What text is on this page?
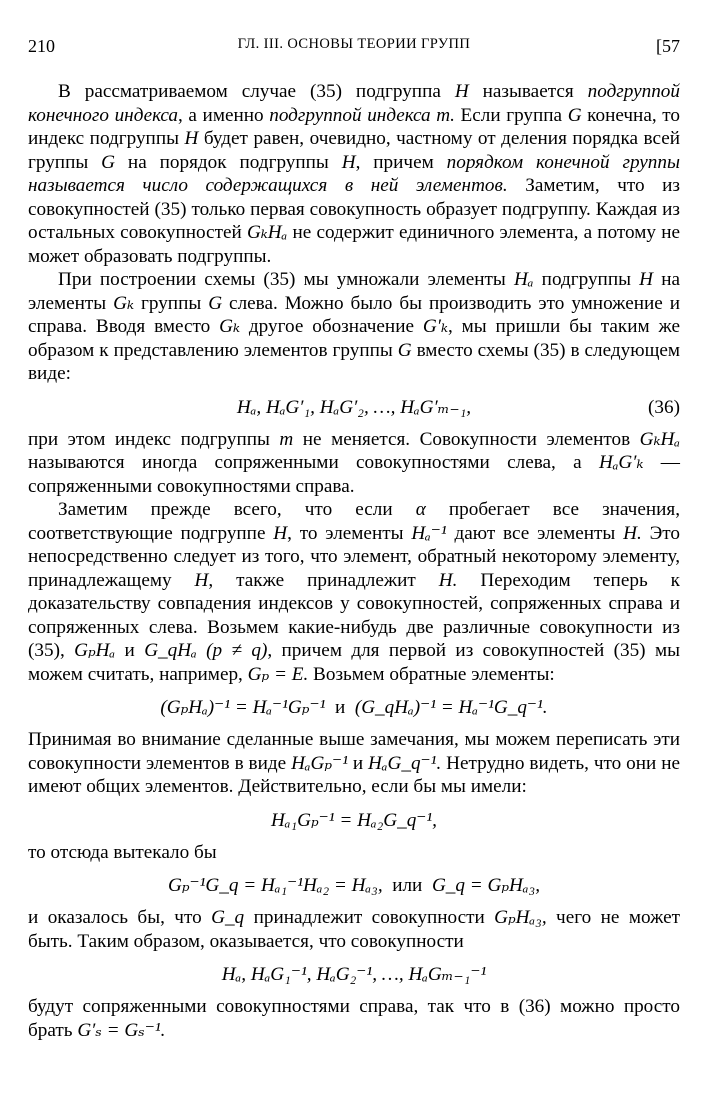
210	ГЛ. III. ОСНОВЫ ТЕОРИИ ГРУПП	[57

В рассматриваемом случае (35) подгруппа H называется подгруппой конечного индекса, а именно подгруппой индекса m. Если группа G конечна, то индекс подгруппы H будет равен, очевидно, частному от деления порядка всей группы G на порядок подгруппы H, причем порядком конечной группы называется число содержащихся в ней элементов. Заметим, что из совокупностей (35) только первая совокупность образует подгруппу. Каждая из остальных совокупностей GₖHₐ не содержит единичного элемента, а потому не может образовать подгруппы.

При построении схемы (35) мы умножали элементы Hₐ подгруппы H на элементы Gₖ группы G слева. Можно было бы производить это умножение и справа. Вводя вместо Gₖ другое обозначение G′ₖ, мы пришли бы таким же образом к представлению элементов группы G вместо схемы (35) в следующем виде:

Hₐ, HₐG′₁, HₐG′₂, …, HₐG′ₘ₋₁,	(36)

при этом индекс подгруппы m не меняется. Совокупности элементов GₖHₐ называются иногда сопряженными совокупностями слева, а HₐG′ₖ — сопряженными совокупностями справа.

Заметим прежде всего, что если α пробегает все значения, соответствующие подгруппе H, то элементы Hₐ⁻¹ дают все элементы H. Это непосредственно следует из того, что элемент, обратный некоторому элементу, принадлежащему H, также принадлежит H. Переходим теперь к доказательству совпадения индексов у совокупностей, сопряженных справа и сопряженных слева. Возьмем какие-нибудь две различные совокупности из (35), GₚHₐ и G_qHₐ (p ≠ q), причем для первой из совокупностей (35) мы можем считать, например, Gₚ = E. Возьмем обратные элементы:

(GₚHₐ)⁻¹ = Hₐ⁻¹Gₚ⁻¹ и (G_qHₐ)⁻¹ = Hₐ⁻¹G_q⁻¹.

Принимая во внимание сделанные выше замечания, мы можем переписать эти совокупности элементов в виде HₐGₚ⁻¹ и HₐG_q⁻¹. Нетрудно видеть, что они не имеют общих элементов. Действительно, если бы мы имели:

Hₐ₁Gₚ⁻¹ = Hₐ₂G_q⁻¹,

то отсюда вытекало бы

Gₚ⁻¹G_q = Hₐ₁⁻¹Hₐ₂ = Hₐ₃, или G_q = GₚHₐ₃,

и оказалось бы, что G_q принадлежит совокупности GₚHₐ₃, чего не может быть. Таким образом, оказывается, что совокупности

Hₐ, HₐG₁⁻¹, HₐG₂⁻¹, …, HₐGₘ₋₁⁻¹

будут сопряженными совокупностями справа, так что в (36) можно просто брать G′ₛ = Gₛ⁻¹.
